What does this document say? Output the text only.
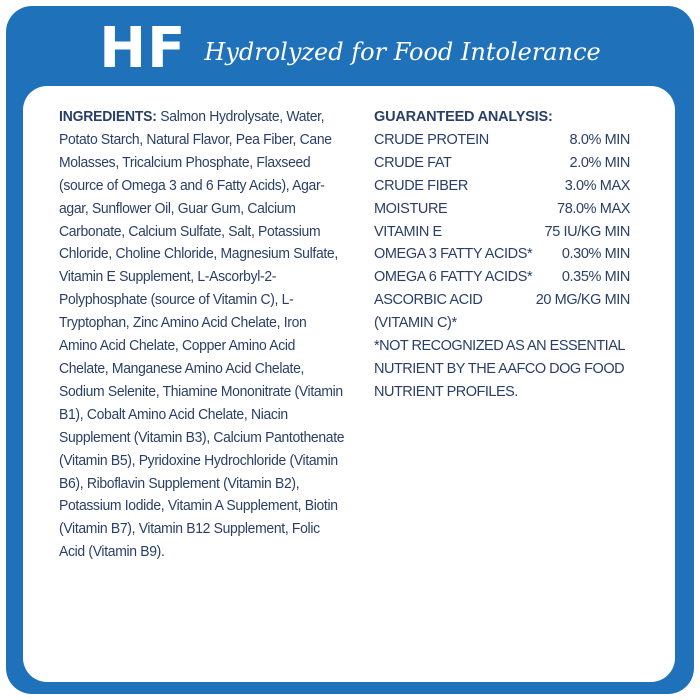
HF Hydrolyzed for Food Intolerance
INGREDIENTS: Salmon Hydrolysate, Water, Potato Starch, Natural Flavor, Pea Fiber, Cane Molasses, Tricalcium Phosphate, Flaxseed (source of Omega 3 and 6 Fatty Acids), Agar-agar, Sunflower Oil, Guar Gum, Calcium Carbonate, Calcium Sulfate, Salt, Potassium Chloride, Choline Chloride, Magnesium Sulfate, Vitamin E Supplement, L-Ascorbyl-2-Polyphosphate (source of Vitamin C), L-Tryptophan, Zinc Amino Acid Chelate, Iron Amino Acid Chelate, Copper Amino Acid Chelate, Manganese Amino Acid Chelate, Sodium Selenite, Thiamine Mononitrate (Vitamin B1), Cobalt Amino Acid Chelate, Niacin Supplement (Vitamin B3), Calcium Pantothenate (Vitamin B5), Pyridoxine Hydrochloride (Vitamin B6), Riboflavin Supplement (Vitamin B2), Potassium Iodide, Vitamin A Supplement, Biotin (Vitamin B7), Vitamin B12 Supplement, Folic Acid (Vitamin B9).
GUARANTEED ANALYSIS:
CRUDE PROTEIN	8.0% MIN
CRUDE FAT	2.0% MIN
CRUDE FIBER	3.0% MAX
MOISTURE	78.0% MAX
VITAMIN E	75 IU/KG MIN
OMEGA 3 FATTY ACIDS* 0.30% MIN
OMEGA 6 FATTY ACIDS* 0.35% MIN
ASCORBIC ACID	20 MG/KG MIN
(VITAMIN C)*
*NOT RECOGNIZED AS AN ESSENTIAL NUTRIENT BY THE AAFCO DOG FOOD NUTRIENT PROFILES.
